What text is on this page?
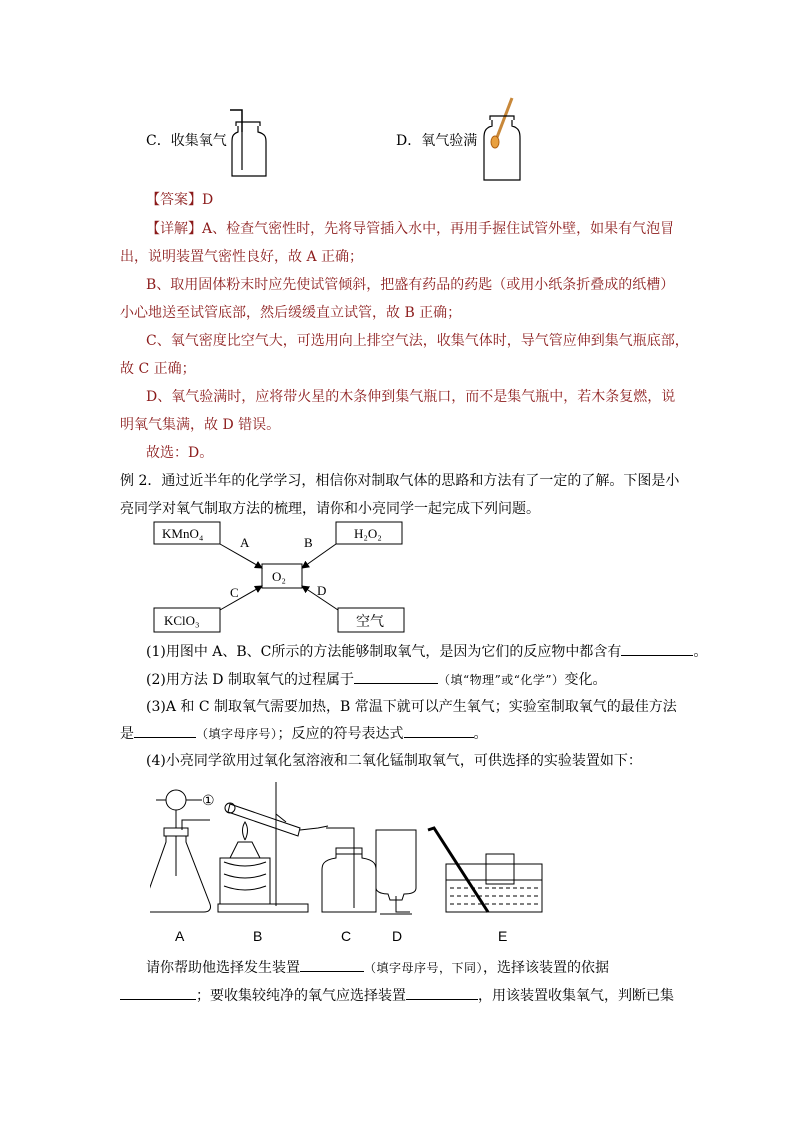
C．收集氧气	D．氧气验满
【答案】D
【详解】A、检查气密性时，先将导管插入水中，再用手握住试管外壁，如果有气泡冒
出，说明装置气密性良好，故 A 正确；
B、取用固体粉末时应先使试管倾斜，把盛有药品的药匙（或用小纸条折叠成的纸槽）
小心地送至试管底部，然后缓缓直立试管，故 B 正确；
C、氧气密度比空气大，可选用向上排空气法，收集气体时，导气管应伸到集气瓶底部，
故 C 正确；
D、氧气验满时，应将带火星的木条伸到集气瓶口，而不是集气瓶中，若木条复燃，说
明氧气集满，故 D 错误。
故选：D。
例 2．通过近半年的化学学习，相信你对制取气体的思路和方法有了一定的了解。下图是小
亮同学对氧气制取方法的梳理，请你和小亮同学一起完成下列问题。
KMnO₄	H₂O₂
O₂
KClO₃	空气
A	B
C	D
(1)用图中 A、B、C所示的方法能够制取氧气，是因为它们的反应物中都含有	。
(2)用方法 D 制取氧气的过程属于	（填“物理”或“化学”）变化。
(3)A 和 C 制取氧气需要加热，B 常温下就可以产生氧气；实验室制取氧气的最佳方法
是	（填字母序号）；反应的符号表达式	。
(4)小亮同学欲用过氧化氢溶液和二氧化锰制取氧气，可供选择的实验装置如下：
①
A	B	C	D	E
请你帮助他选择发生装置	（填字母序号，下同），选择该装置的依据
；要收集较纯净的氧气应选择装置	，用该装置收集氧气，判断已集
